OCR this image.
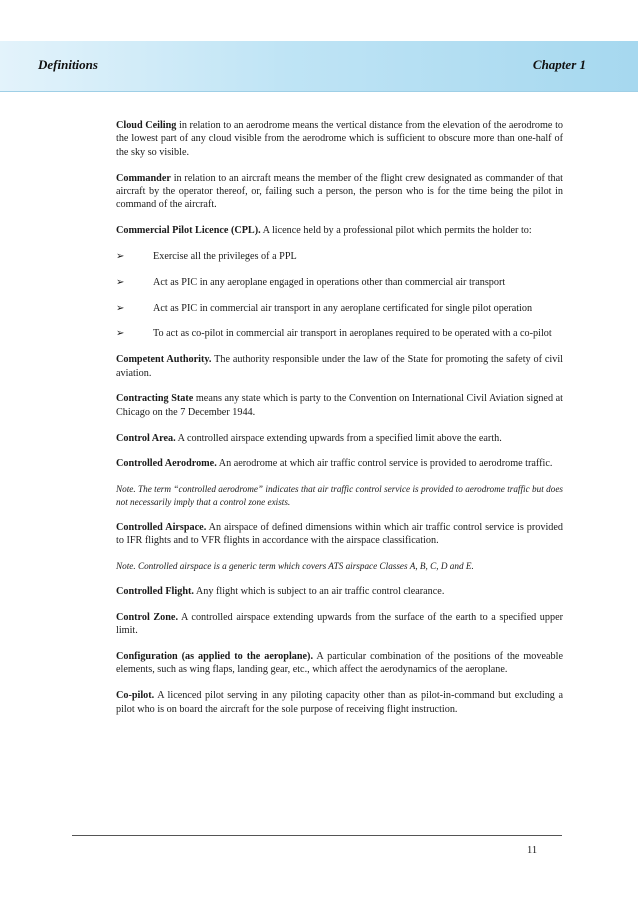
Definitions	Chapter 1

Cloud Ceiling in relation to an aerodrome means the vertical distance from the elevation of the aerodrome to the lowest part of any cloud visible from the aerodrome which is sufficient to obscure more than one-half of the sky so visible.

Commander in relation to an aircraft means the member of the flight crew designated as commander of that aircraft by the operator thereof, or, failing such a person, the person who is for the time being the pilot in command of the aircraft.

Commercial Pilot Licence (CPL). A licence held by a professional pilot which permits the holder to:

➢	Exercise all the privileges of a PPL
➢	Act as PIC in any aeroplane engaged in operations other than commercial air transport
➢	Act as PIC in commercial air transport in any aeroplane certificated for single pilot operation
➢	To act as co-pilot in commercial air transport in aeroplanes required to be operated with a co-pilot

Competent Authority. The authority responsible under the law of the State for promoting the safety of civil aviation.

Contracting State means any state which is party to the Convention on International Civil Aviation signed at Chicago on the 7 December 1944.

Control Area. A controlled airspace extending upwards from a specified limit above the earth.

Controlled Aerodrome. An aerodrome at which air traffic control service is provided to aerodrome traffic.

Note. The term “controlled aerodrome” indicates that air traffic control service is provided to aerodrome traffic but does not necessarily imply that a control zone exists.

Controlled Airspace. An airspace of defined dimensions within which air traffic control service is provided to IFR flights and to VFR flights in accordance with the airspace classification.

Note. Controlled airspace is a generic term which covers ATS airspace Classes A, B, C, D and E.

Controlled Flight. Any flight which is subject to an air traffic control clearance.

Control Zone. A controlled airspace extending upwards from the surface of the earth to a specified upper limit.

Configuration (as applied to the aeroplane). A particular combination of the positions of the moveable elements, such as wing flaps, landing gear, etc., which affect the aerodynamics of the aeroplane.

Co-pilot. A licenced pilot serving in any piloting capacity other than as pilot-in-command but excluding a pilot who is on board the aircraft for the sole purpose of receiving flight instruction.

11
